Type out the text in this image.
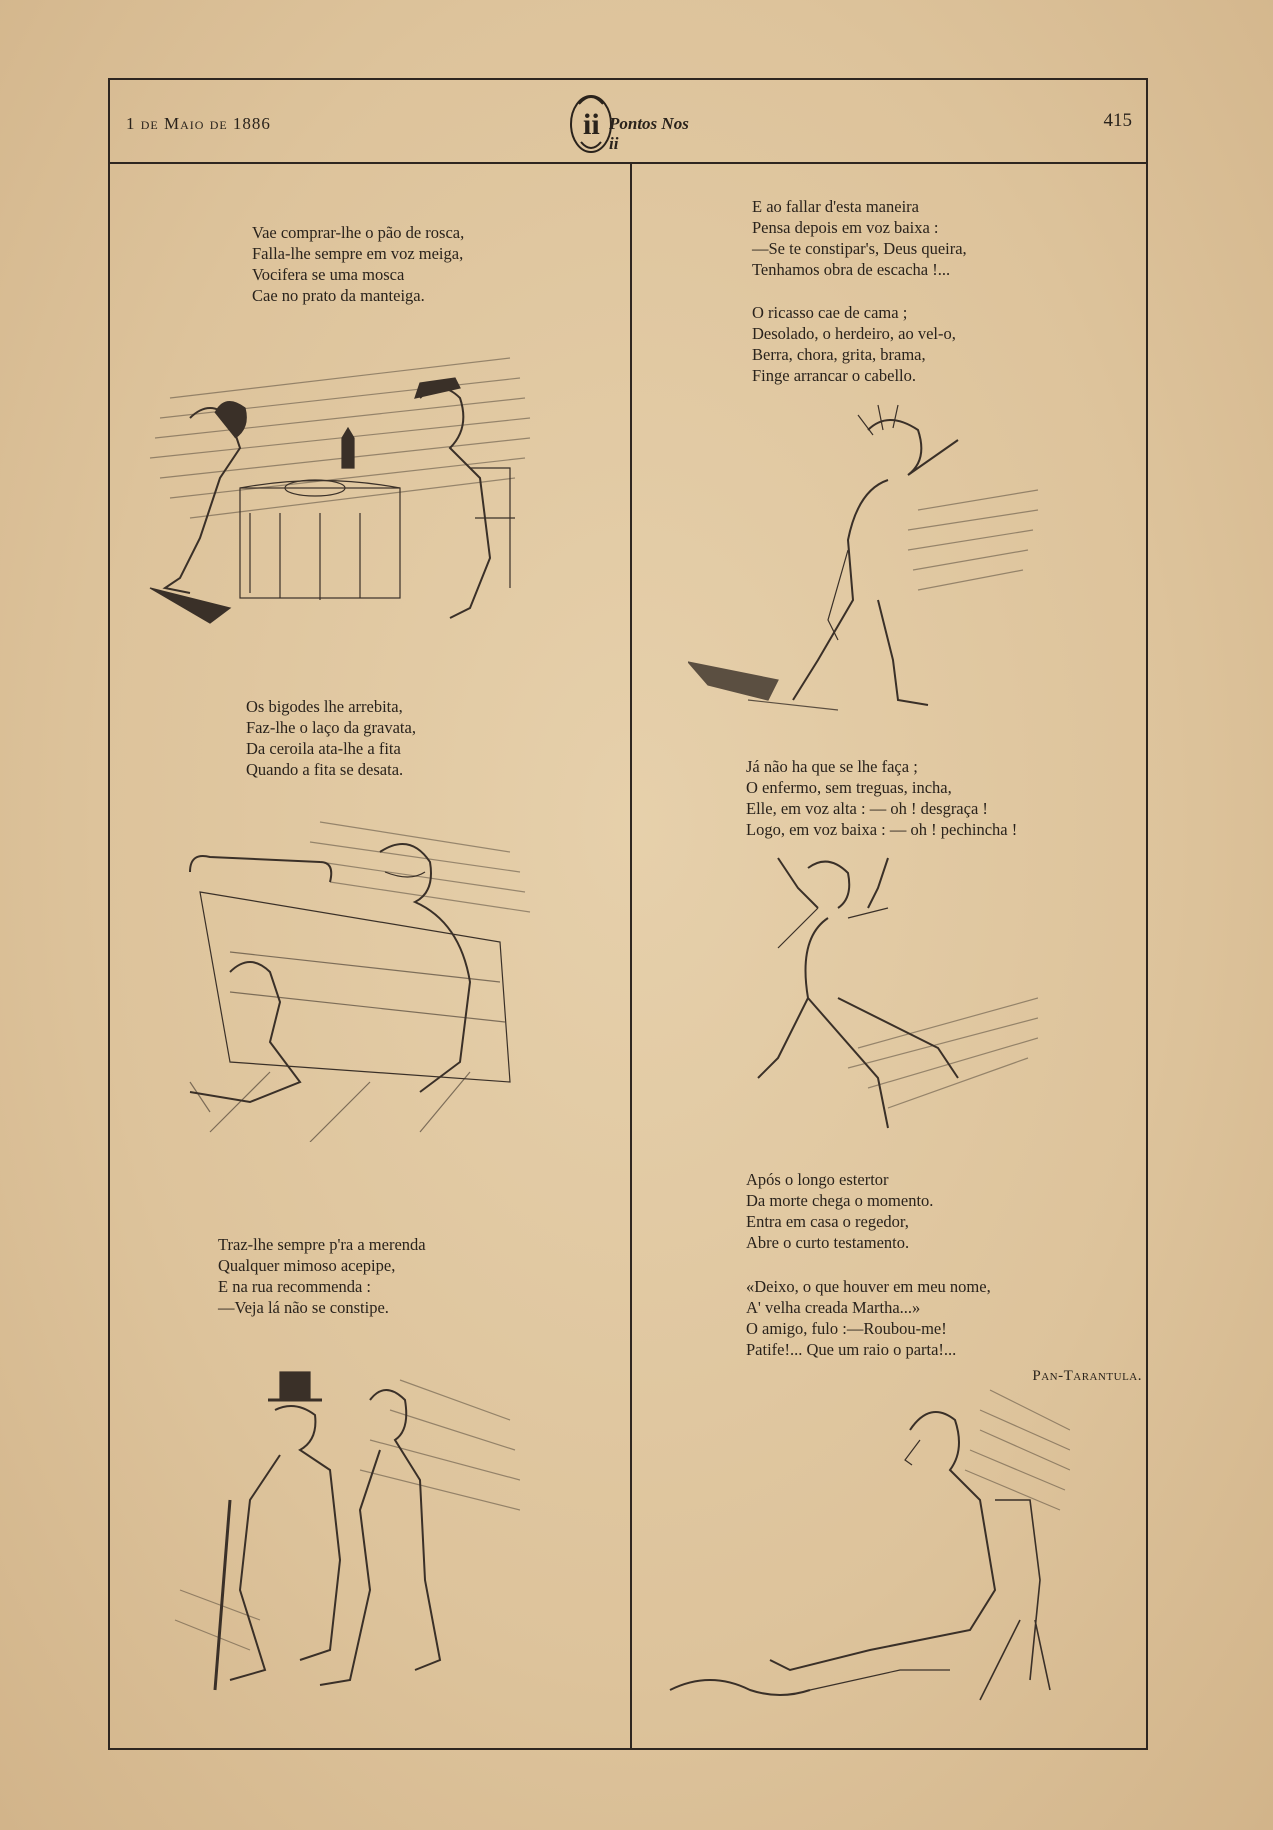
1 de Maio de 1886	ii Pontos Nos ii
415
Vae comprar-lhe o pão de rosca,
Falla-lhe sempre em voz meiga,
Vocifera se uma mosca
Cae no prato da manteiga.
Os bigodes lhe arrebita,
Faz-lhe o laço da gravata,
Da ceroila ata-lhe a fita
Quando a fita se desata.
Traz-lhe sempre p'ra a merenda
Qualquer mimoso acepipe,
E na rua recommenda :
—Veja lá não se constipe.
E ao fallar d'esta maneira
Pensa depois em voz baixa :
—Se te constipar's, Deus queira,
Tenhamos obra de escacha !...
O ricasso cae de cama ;
Desolado, o herdeiro, ao vel-o,
Berra, chora, grita, brama,
Finge arrancar o cabello.
Já não ha que se lhe faça ;
O enfermo, sem treguas, incha,
Elle, em voz alta : — oh ! desgraça !
Logo, em voz baixa : — oh ! pechincha !
Após o longo estertor
Da morte chega o momento.
Entra em casa o regedor,
Abre o curto testamento.
«Deixo, o que houver em meu nome,
A' velha creada Martha...»
O amigo, fulo :—Roubou-me!
Patife!... Que um raio o parta!...
Pan-Tarantula.
